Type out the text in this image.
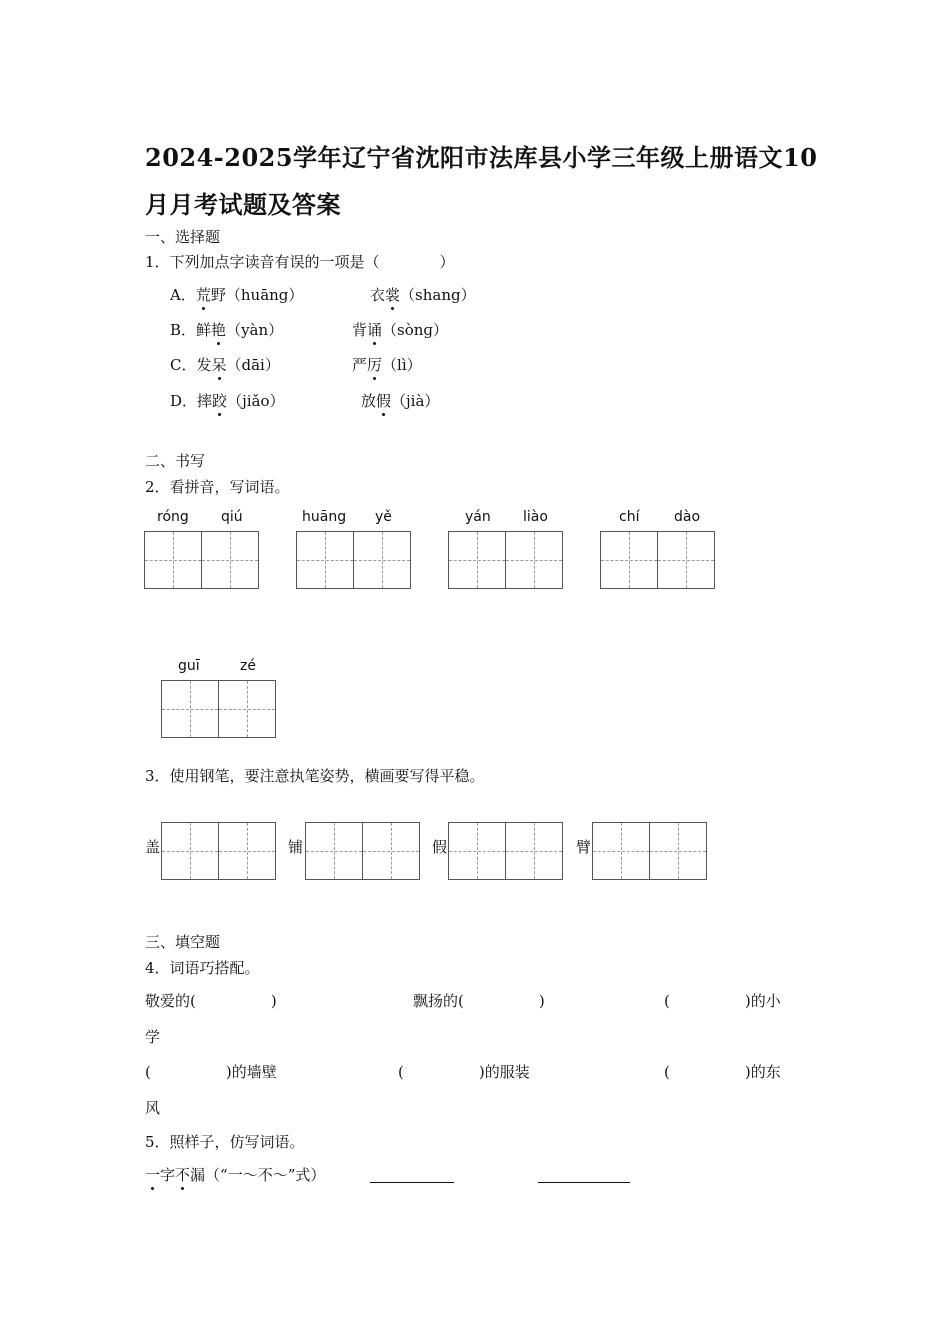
2024-2025学年辽宁省沈阳市法库县小学三年级上册语文10
月月考试题及答案
一、选择题
1．下列加点字读音有误的一项是（　　　　）
A．荒野（huāng）	衣裳（shang）
B．鲜艳（yàn）	背诵（sònɡ）
C．发呆（dāi）	严厉（lì）
D．摔跤（jiǎo）	放假（jià）
二、书写
2．看拼音，写词语。
róng qiú	huāng yě	yán liào	chí dào
guī	zé
3．使用钢笔，要注意执笔姿势，横画要写得平稳。
盖	铺	假	臂
三、填空题
4．词语巧搭配。
敬爱的(　　　　　)	飘扬的(　　　　　)	(　　　　　)的小
学
(　　　　　)的墙壁	(　　　　　)的服装	(　　　　　)的东
风
5．照样子，仿写词语。
一字不漏（“一～不～”式）
